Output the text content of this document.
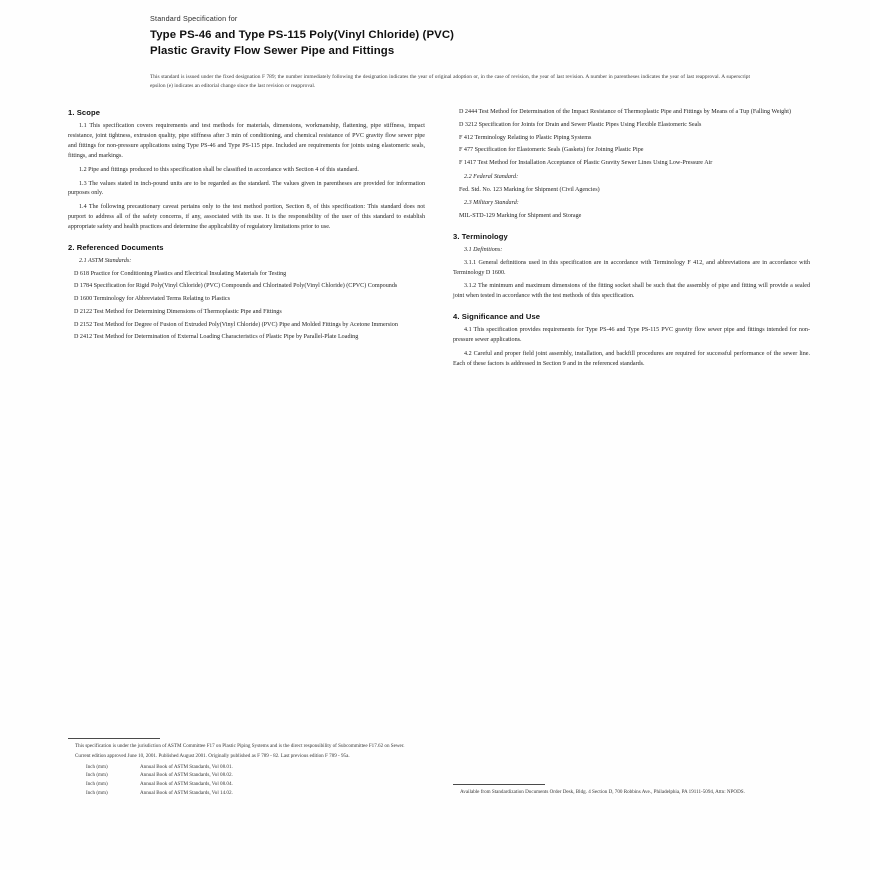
Standard Specification for
Type PS-46 and Type PS-115 Poly(Vinyl Chloride) (PVC)
Plastic Gravity Flow Sewer Pipe and Fittings
This standard is issued under the fixed designation F 789; the number immediately following the designation indicates the year of original adoption or, in the case of revision, the year of last revision. A number in parentheses indicates the year of last reapproval. A superscript epsilon (e) indicates an editorial change since the last revision or reapproval.
1. Scope

1.1 This specification covers requirements and test methods for materials, dimensions, workmanship, flattening, pipe stiffness, impact resistance, joint tightness, extrusion quality, pipe stiffness after 3 min of conditioning, and chemical resistance of PVC gravity flow sewer pipe and fittings for non-pressure applications using Type PS-46 and Type PS-115 pipe. Included are requirements for joints using elastomeric seals, fittings, and markings.

1.2 Pipe and fittings produced to this specification shall be classified in accordance with Section 4 of this standard.

1.3 The values stated in inch-pound units are to be regarded as the standard. The values given in parentheses are provided for information purposes only.

1.4 The following precautionary caveat pertains only to the test method portion, Section 8, of this specification: This standard does not purport to address all of the safety concerns, if any, associated with its use. It is the responsibility of the user of this standard to establish appropriate safety and health practices and determine the applicability of regulatory limitations prior to use.

2. Referenced Documents

2.1 ASTM Standards:

D 618 Practice for Conditioning Plastics and Electrical Insulating Materials for Testing

D 1784 Specification for Rigid Poly(Vinyl Chloride) (PVC) Compounds and Chlorinated Poly(Vinyl Chloride) (CPVC) Compounds

D 1600 Terminology for Abbreviated Terms Relating to Plastics

D 2122 Test Method for Determining Dimensions of Thermoplastic Pipe and Fittings

D 2152 Test Method for Degree of Fusion of Extruded Poly(Vinyl Chloride) (PVC) Pipe and Molded Fittings by Acetone Immersion

D 2412 Test Method for Determination of External Loading Characteristics of Plastic Pipe by Parallel-Plate Loading

This specification is under the jurisdiction of ASTM Committee F17 on Plastic Piping Systems and is the direct responsibility of Subcommittee F17.62 on Sewer.

Current edition approved June 10, 2001. Published August 2001. Originally published as F 789 - 82. Last previous edition F 789 - 95a.

Inch (mm)	Annual Book of ASTM Standards, Vol 08.01.
Inch (mm)	Annual Book of ASTM Standards, Vol 08.02.
Inch (mm)	Annual Book of ASTM Standards, Vol 08.04.
Inch (mm)	Annual Book of ASTM Standards, Vol 14.02.

D 2444 Test Method for Determination of the Impact Resistance of Thermoplastic Pipe and Fittings by Means of a Tup (Falling Weight)

D 3212 Specification for Joints for Drain and Sewer Plastic Pipes Using Flexible Elastomeric Seals

F 412 Terminology Relating to Plastic Piping Systems

F 477 Specification for Elastomeric Seals (Gaskets) for Joining Plastic Pipe

F 1417 Test Method for Installation Acceptance of Plastic Gravity Sewer Lines Using Low-Pressure Air

2.2 Federal Standard:

Fed. Std. No. 123 Marking for Shipment (Civil Agencies)

2.3 Military Standard:

MIL-STD-129 Marking for Shipment and Storage

3. Terminology

3.1 Definitions:

3.1.1 General definitions used in this specification are in accordance with Terminology F 412, and abbreviations are in accordance with Terminology D 1600.

3.1.2 The minimum and maximum dimensions of the fitting socket shall be such that the assembly of pipe and fitting will provide a sealed joint when tested in accordance with the test methods of this specification.

4. Significance and Use

4.1 This specification provides requirements for Type PS-46 and Type PS-115 PVC gravity flow sewer pipe and fittings intended for non-pressure sewer applications.

4.2 Careful and proper field joint assembly, installation, and backfill procedures are required for successful performance of the sewer line. Each of these factors is addressed in Section 9 and in the referenced standards.

Available from Standardization Documents Order Desk, Bldg. 4 Section D, 700 Robbins Ave., Philadelphia, PA 19111-5094, Attn: NPODS.
